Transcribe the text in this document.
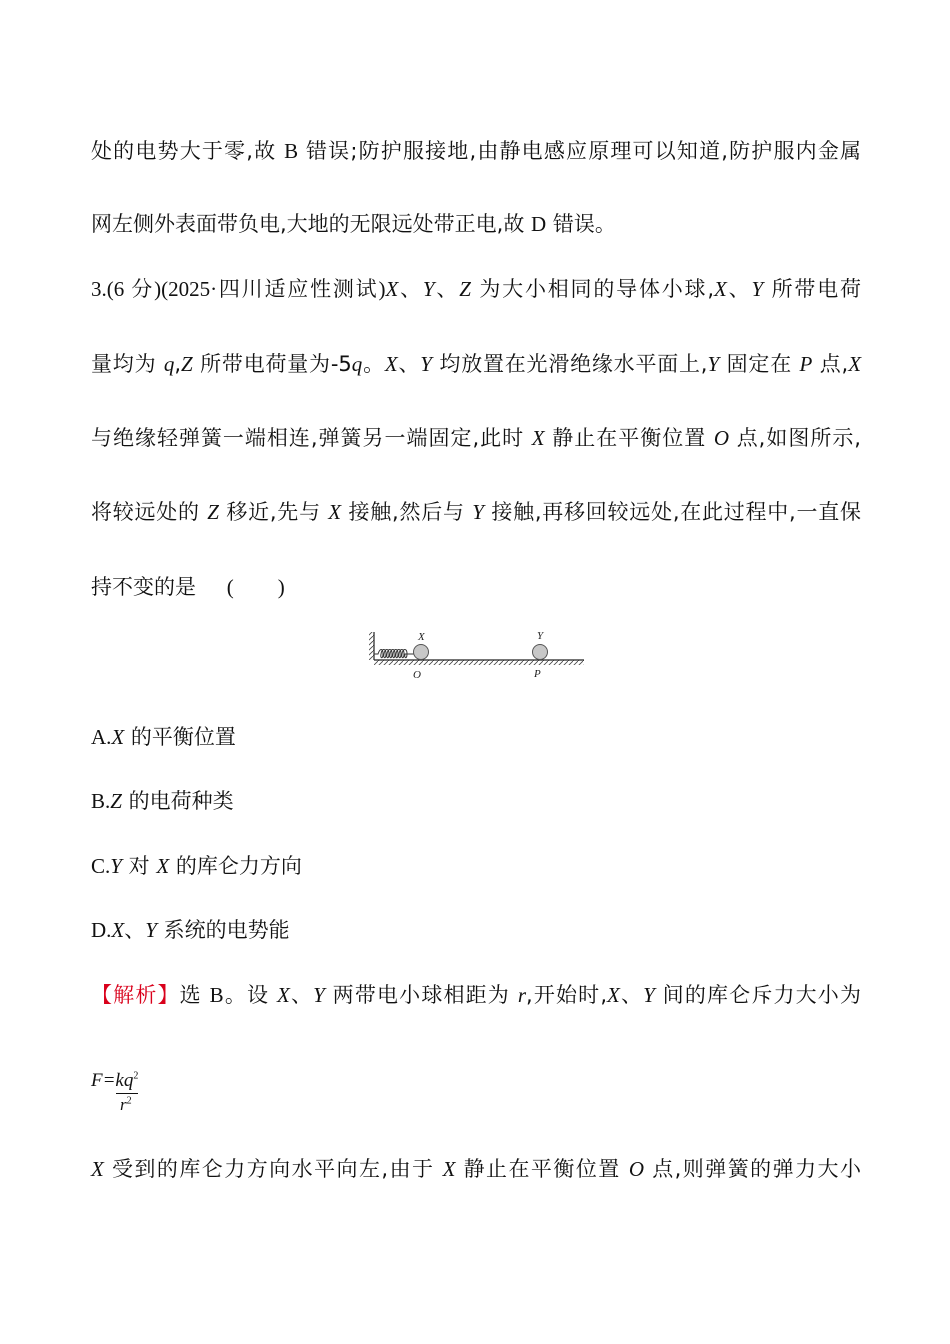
处的电势大于零,故 B 错误;防护服接地,由静电感应原理可以知道,防护服内金属
网左侧外表面带负电,大地的无限远处带正电,故 D 错误。
3.(6 分)(2025·四川适应性测试)X、Y、Z 为大小相同的导体小球,X、Y 所带电荷
量均为 q,Z 所带电荷量为-5q。X、Y 均放置在光滑绝缘水平面上,Y 固定在 P 点,X
与绝缘轻弹簧一端相连,弹簧另一端固定,此时 X 静止在平衡位置 O 点,如图所示,
将较远处的 Z 移近,先与 X 接触,然后与 Y 接触,再移回较远处,在此过程中,一直保
持不变的是 ( )
X	Y
O	P
A.X 的平衡位置
B.Z 的电荷种类
C.Y 对 X 的库仑力方向
D.X、Y 系统的电势能
【解析】选 B。设 X、Y 两带电小球相距为 r,开始时,X、Y 间的库仑斥力大小为
$F=kq^2$
$r^2$
X 受到的库仑力方向水平向左,由于 X 静止在平衡位置 O 点,则弹簧的弹力大小
